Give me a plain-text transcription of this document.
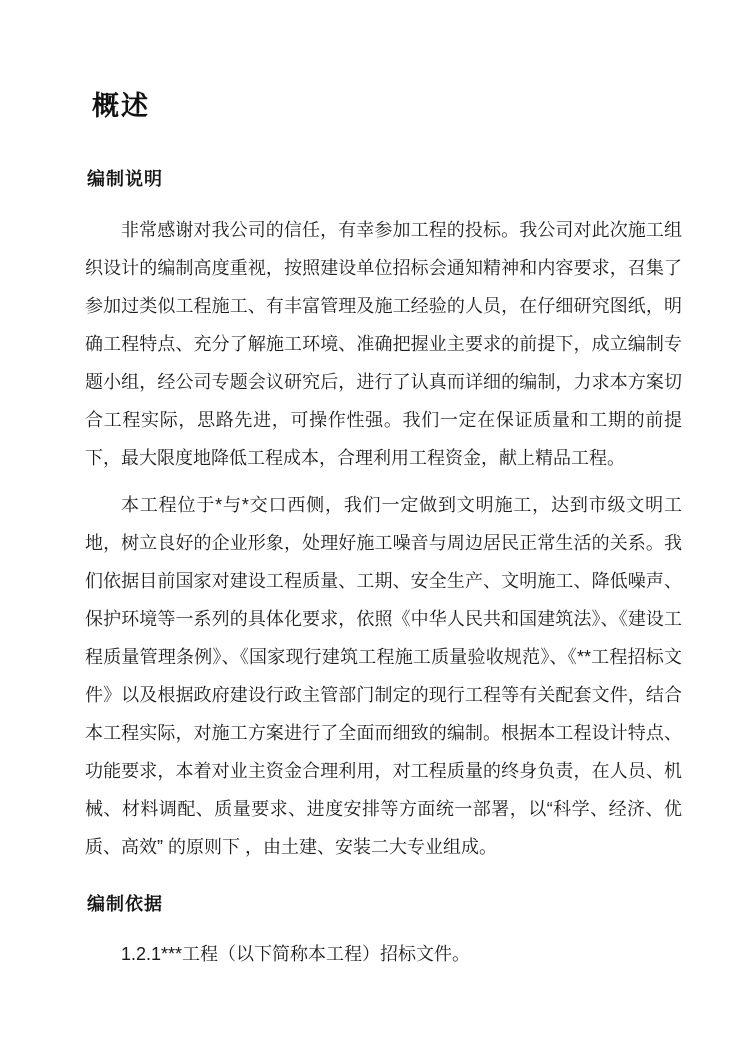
概述
编制说明

非常感谢对我公司的信任，有幸参加工程的投标。我公司对此次施工组织设计的编制高度重视，按照建设单位招标会通知精神和内容要求，召集了参加过类似工程施工、有丰富管理及施工经验的人员，在仔细研究图纸，明确工程特点、充分了解施工环境、准确把握业主要求的前提下，成立编制专题小组，经公司专题会议研究后，进行了认真而详细的编制，力求本方案切合工程实际，思路先进，可操作性强。我们一定在保证质量和工期的前提下，最大限度地降低工程成本，合理利用工程资金，献上精品工程。

本工程位于*与*交口西侧，我们一定做到文明施工，达到市级文明工地，树立良好的企业形象，处理好施工噪音与周边居民正常生活的关系。我们依据目前国家对建设工程质量、工期、安全生产、文明施工、降低噪声、保护环境等一系列的具体化要求，依照《中华人民共和国建筑法》、《建设工程质量管理条例》、《国家现行建筑工程施工质量验收规范》、《**工程招标文件》以及根据政府建设行政主管部门制定的现行工程等有关配套文件，结合本工程实际，对施工方案进行了全面而细致的编制。根据本工程设计特点、功能要求，本着对业主资金合理利用，对工程质量的终身负责，在人员、机械、材料调配、质量要求、进度安排等方面统一部署，以“科学、经济、优质、高效” 的原则下 ，由土建、安装二大专业组成。

编制依据

1.2.1***工程（以下简称本工程）招标文件。
